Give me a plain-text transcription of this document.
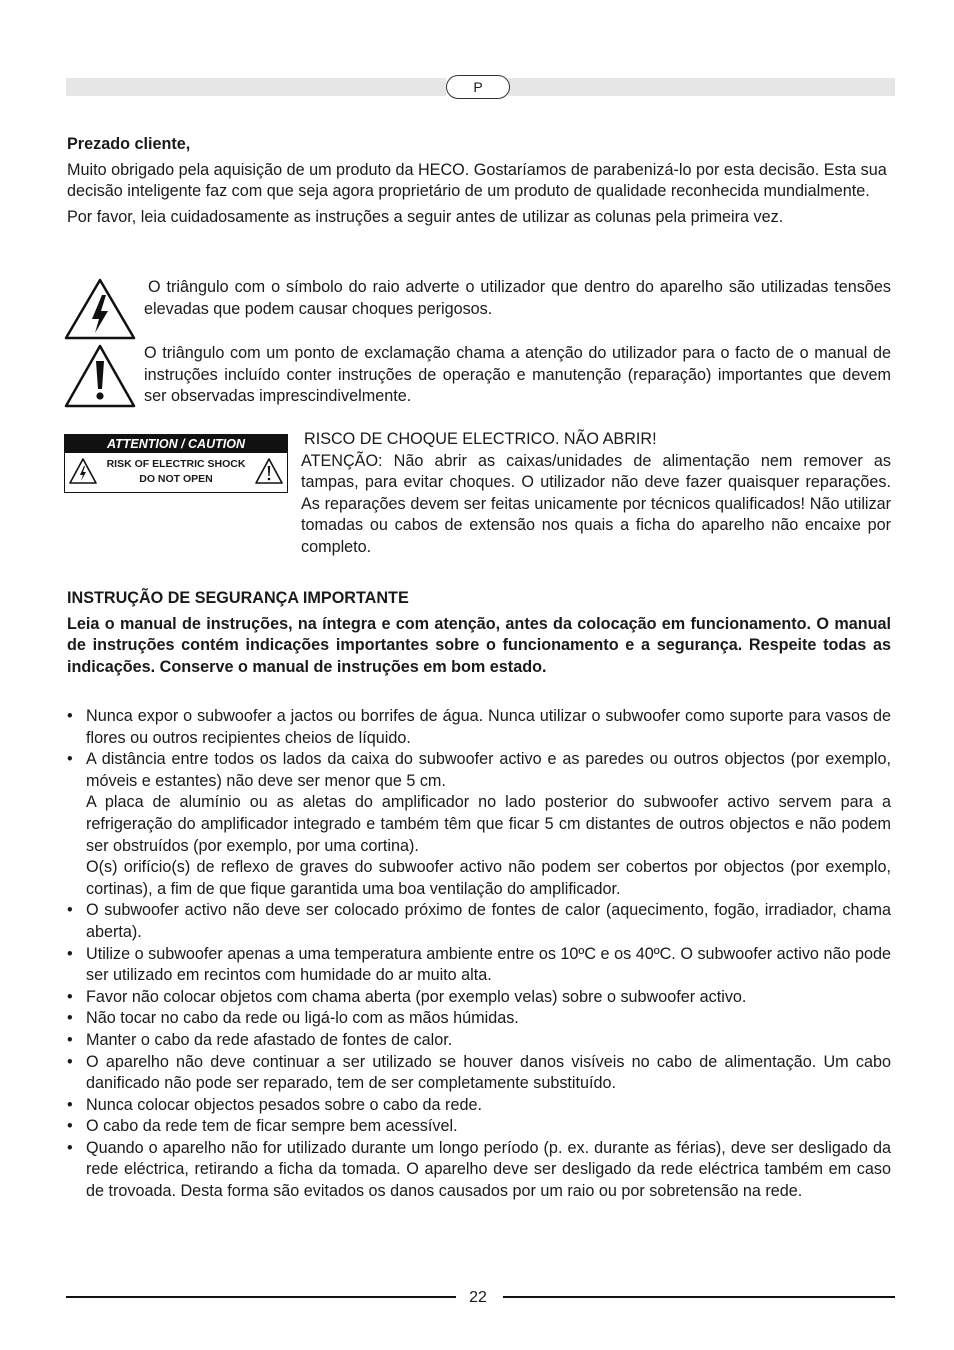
P

Prezado cliente,

Muito obrigado pela aquisição de um produto da HECO. Gostaríamos de parabenizá-lo por esta decisão. Esta sua decisão inteligente faz com que seja agora proprietário de um produto de qualidade reconhecida mundialmente.

Por favor, leia cuidadosamente as instruções a seguir antes de utilizar as colunas pela primeira vez.

O triângulo com o símbolo do raio adverte o utilizador que dentro do aparelho são utilizadas tensões elevadas que podem causar choques perigosos.
O triângulo com um ponto de exclamação chama a atenção do utilizador para o facto de o manual de instruções incluído conter instruções de operação e manutenção (reparação) importantes que devem ser observadas imprescindivelmente.
ATTENTION / CAUTION
RISK OF ELECTRIC SHOCK
DO NOT OPEN

RISCO DE CHOQUE ELECTRICO. NÃO ABRIR!

ATENÇÃO: Não abrir as caixas/unidades de alimentação nem remover as tampas, para evitar choques. O utilizador não deve fazer quaisquer reparações. As reparações devem ser feitas unicamente por técnicos qualificados! Não utilizar tomadas ou cabos de extensão nos quais a ficha do aparelho não encaixe por completo.

INSTRUÇÃO DE SEGURANÇA IMPORTANTE

Leia o manual de instruções, na íntegra e com atenção, antes da colocação em funcionamento. O manual de instruções contém indicações importantes sobre o funcionamento e a segurança. Respeite todas as indicações. Conserve o manual de instruções em bom estado.

• Nunca expor o subwoofer a jactos ou borrifes de água. Nunca utilizar o subwoofer como suporte para vasos de flores ou outros recipientes cheios de líquido.
• A distância entre todos os lados da caixa do subwoofer activo e as paredes ou outros objectos (por exemplo, móveis e estantes) não deve ser menor que 5 cm.
A placa de alumínio ou as aletas do amplificador no lado posterior do subwoofer activo servem para a refrigeração do amplificador integrado e também têm que ficar 5 cm distantes de outros objectos e não podem ser obstruídos (por exemplo, por uma cortina).
O(s) orifício(s) de reflexo de graves do subwoofer activo não podem ser cobertos por objectos (por exemplo, cortinas), a fim de que fique garantida uma boa ventilação do amplificador.
• O subwoofer activo não deve ser colocado próximo de fontes de calor (aquecimento, fogão, irradiador, chama aberta).
• Utilize o subwoofer apenas a uma temperatura ambiente entre os 10ºC e os 40ºC. O subwoofer activo não pode ser utilizado em recintos com humidade do ar muito alta.
• Favor não colocar objetos com chama aberta (por exemplo velas) sobre o subwoofer activo.
• Não tocar no cabo da rede ou ligá-lo com as mãos húmidas.
• Manter o cabo da rede afastado de fontes de calor.
• O aparelho não deve continuar a ser utilizado se houver danos visíveis no cabo de alimentação. Um cabo danificado não pode ser reparado, tem de ser completamente substituído.
• Nunca colocar objectos pesados sobre o cabo da rede.
• O cabo da rede tem de ficar sempre bem acessível.
• Quando o aparelho não for utilizado durante um longo período (p. ex. durante as férias), deve ser desligado da rede eléctrica, retirando a ficha da tomada. O aparelho deve ser desligado da rede eléctrica também em caso de trovoada. Desta forma são evitados os danos causados por um raio ou por sobretensão na rede.
22
